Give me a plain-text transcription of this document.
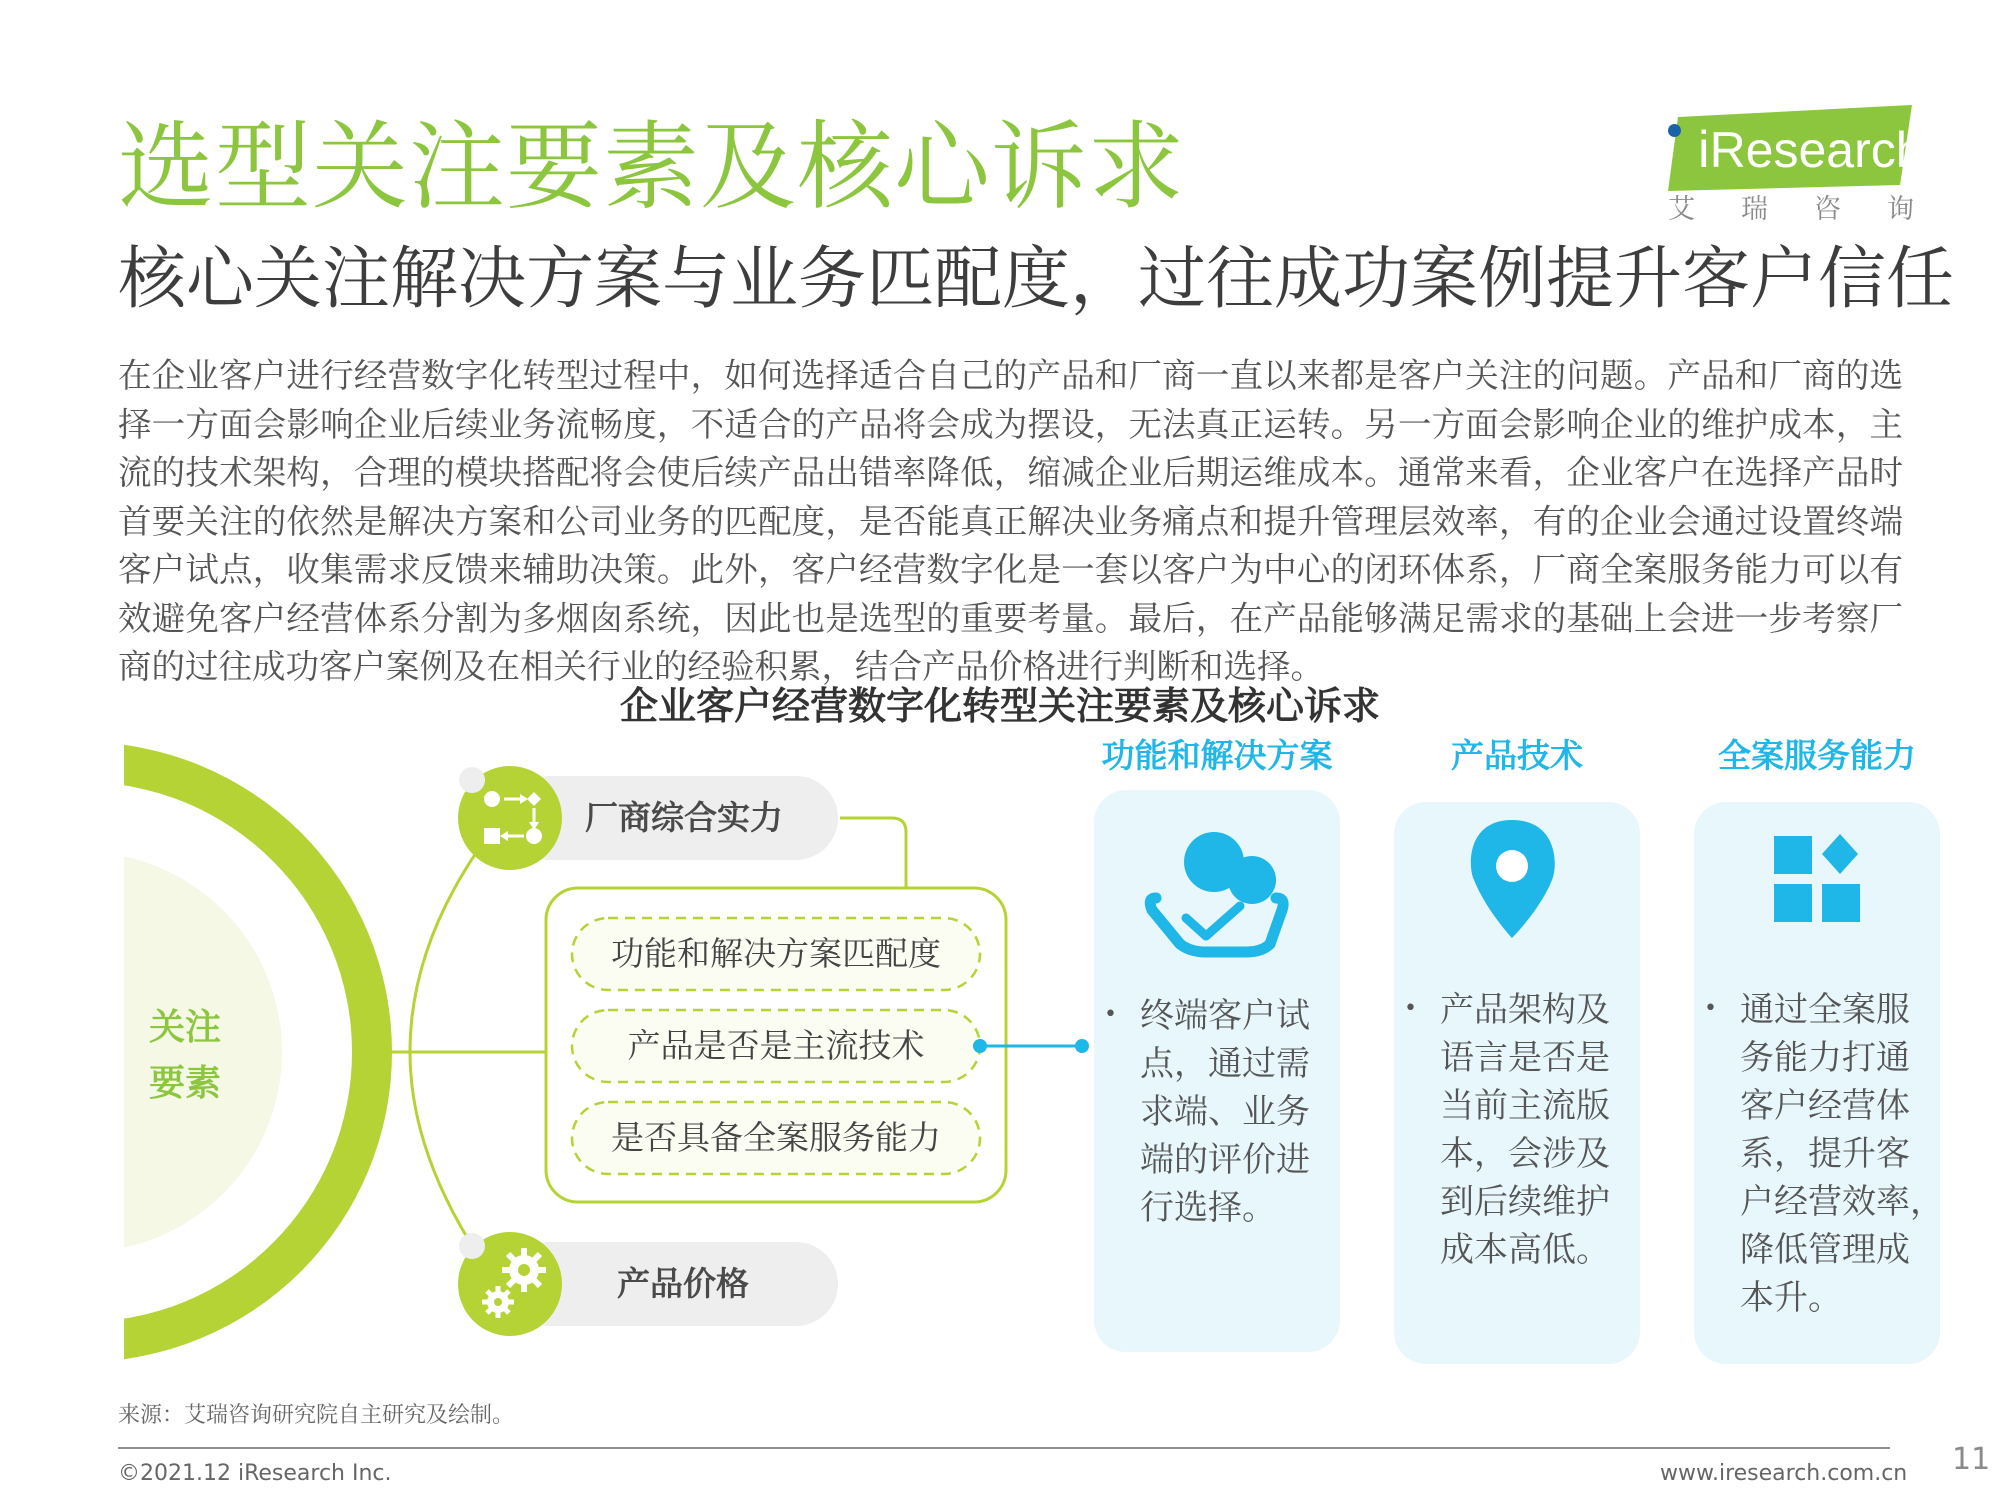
选型关注要素及核心诉求
核心关注解决方案与业务匹配度，过往成功案例提升客户信任
iResearch
艾 瑞 咨 询
在企业客户进行经营数字化转型过程中，如何选择适合自己的产品和厂商一直以来都是客户关注的问题。产品和厂商的选择一方面会影响企业后续业务流畅度，不适合的产品将会成为摆设，无法真正运转。另一方面会影响企业的维护成本，主流的技术架构，合理的模块搭配将会使后续产品出错率降低，缩减企业后期运维成本。通常来看，企业客户在选择产品时首要关注的依然是解决方案和公司业务的匹配度，是否能真正解决业务痛点和提升管理层效率，有的企业会通过设置终端客户试点，收集需求反馈来辅助决策。此外，客户经营数字化是一套以客户为中心的闭环体系，厂商全案服务能力可以有效避免客户经营体系分割为多烟囱系统，因此也是选型的重要考量。最后，在产品能够满足需求的基础上会进一步考察厂商的过往成功客户案例及在相关行业的经验积累，结合产品价格进行判断和选择。
企业客户经营数字化转型关注要素及核心诉求
关注
要素
厂商综合实力
产品价格
功能和解决方案匹配度
产品是否是主流技术
是否具备全案服务能力
功能和解决方案	产品技术	全案服务能力
• 终端客户试
点，通过需
求端、业务
端的评价进
行选择。
• 产品架构及
语言是否是
当前主流版
本，会涉及
到后续维护
成本高低。
• 通过全案服
务能力打通
客户经营体
系，提升客
户经营效率，
降低管理成
本升。
来源：艾瑞咨询研究院自主研究及绘制。
©2021.12 iResearch Inc.	www.iresearch.com.cn 11
